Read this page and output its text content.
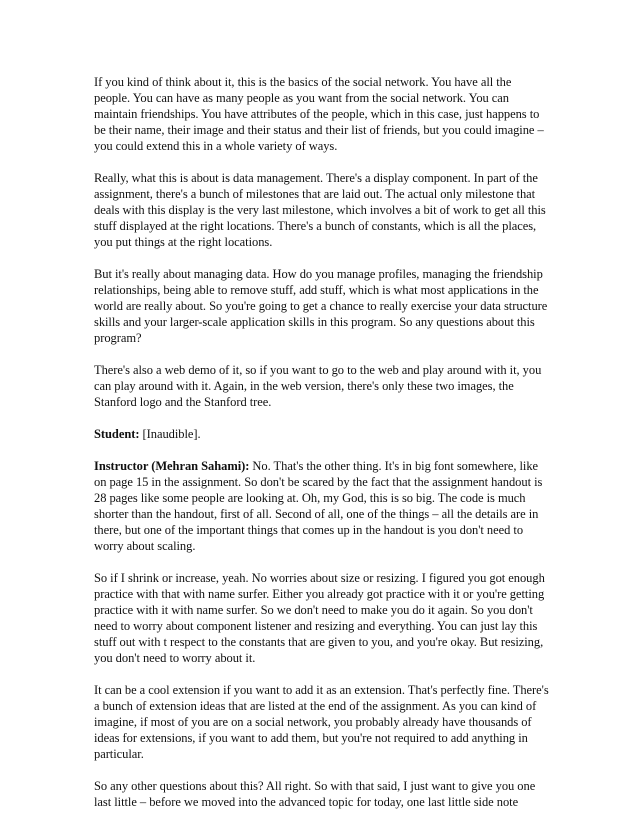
If you kind of think about it, this is the basics of the social network. You have all the people. You can have as many people as you want from the social network. You can maintain friendships. You have attributes of the people, which in this case, just happens to be their name, their image and their status and their list of friends, but you could imagine – you could extend this in a whole variety of ways.

Really, what this is about is data management. There's a display component. In part of the assignment, there's a bunch of milestones that are laid out. The actual only milestone that deals with this display is the very last milestone, which involves a bit of work to get all this stuff displayed at the right locations. There's a bunch of constants, which is all the places, you put things at the right locations.

But it's really about managing data. How do you manage profiles, managing the friendship relationships, being able to remove stuff, add stuff, which is what most applications in the world are really about. So you're going to get a chance to really exercise your data structure skills and your larger-scale application skills in this program. So any questions about this program?

There's also a web demo of it, so if you want to go to the web and play around with it, you can play around with it. Again, in the web version, there's only these two images, the Stanford logo and the Stanford tree.

Student: [Inaudible].

Instructor (Mehran Sahami): No. That's the other thing. It's in big font somewhere, like on page 15 in the assignment. So don't be scared by the fact that the assignment handout is 28 pages like some people are looking at. Oh, my God, this is so big. The code is much shorter than the handout, first of all. Second of all, one of the things – all the details are in there, but one of the important things that comes up in the handout is you don't need to worry about scaling.

So if I shrink or increase, yeah. No worries about size or resizing. I figured you got enough practice with that with name surfer. Either you already got practice with it or you're getting practice with it with name surfer. So we don't need to make you do it again. So you don't need to worry about component listener and resizing and everything. You can just lay this stuff out with t respect to the constants that are given to you, and you're okay. But resizing, you don't need to worry about it.

It can be a cool extension if you want to add it as an extension. That's perfectly fine. There's a bunch of extension ideas that are listed at the end of the assignment. As you can kind of imagine, if most of you are on a social network, you probably already have thousands of ideas for extensions, if you want to add them, but you're not required to add anything in particular.

So any other questions about this? All right. So with that said, I just want to give you one last little – before we moved into the advanced topic for today, one last little side note
